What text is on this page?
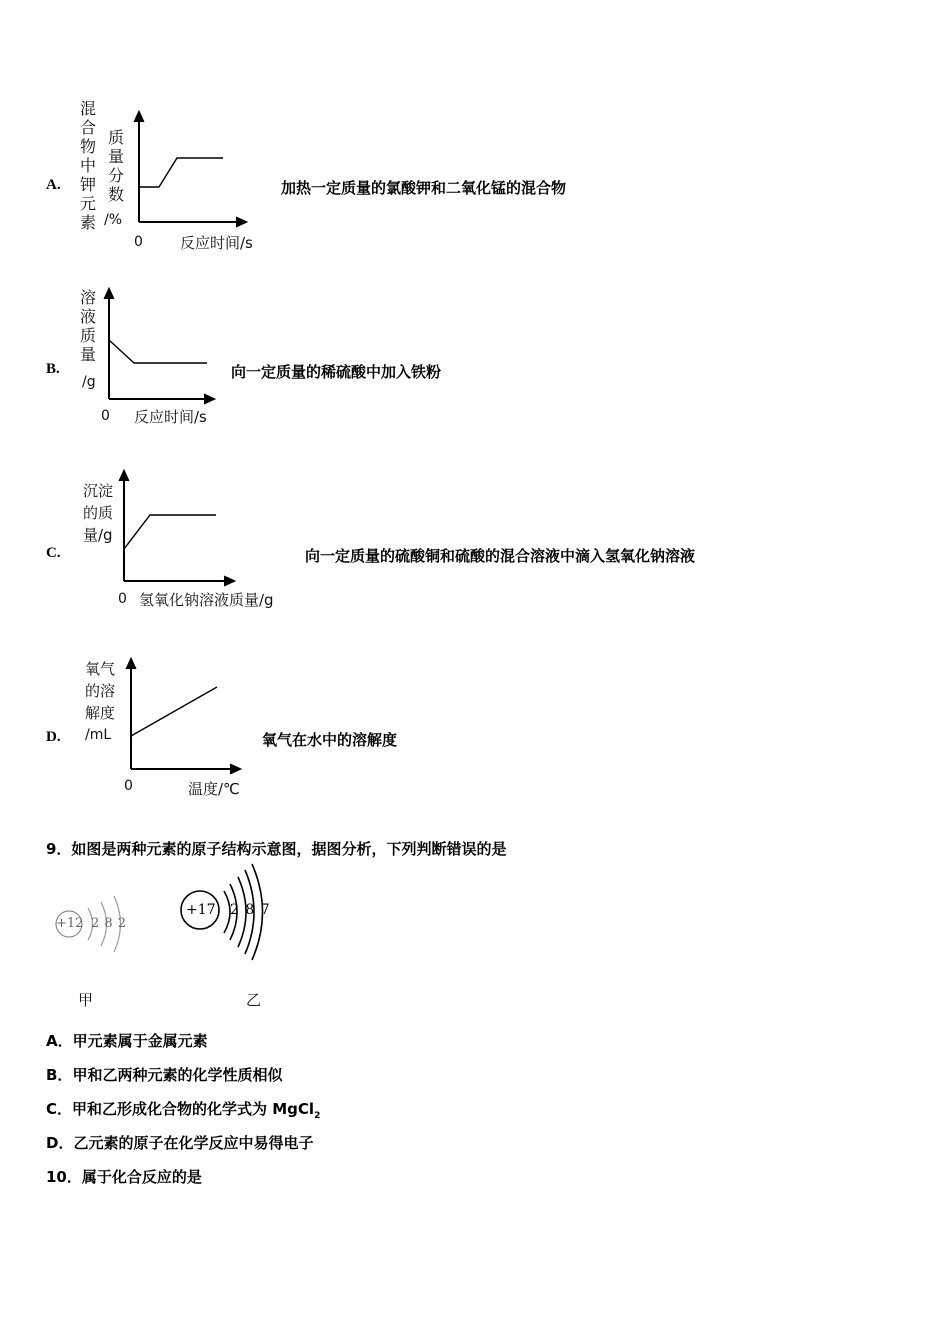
A.
混合物中钾元素
质量分数
/%
0 反应时间/s
加热一定质量的氯酸钾和二氧化锰的混合物
B.
溶液质量
/g
0 反应时间/s
向一定质量的稀硫酸中加入铁粉
C.
沉淀
的质
量/g
0 氢氧化钠溶液质量/g
向一定质量的硫酸铜和硫酸的混合溶液中滴入氢氧化钠溶液
D.
氧气
的溶
解度
/mL
0	温度/℃
氧气在水中的溶解度
9．如图是两种元素的原子结构示意图，据图分析，下列判断错误的是
+12 2 8 2
甲
+17 2 8 7
乙
A．甲元素属于金属元素
B．甲和乙两种元素的化学性质相似
C．甲和乙形成化合物的化学式为 MgCl$_2$
D．乙元素的原子在化学反应中易得电子
10．属于化合反应的是
